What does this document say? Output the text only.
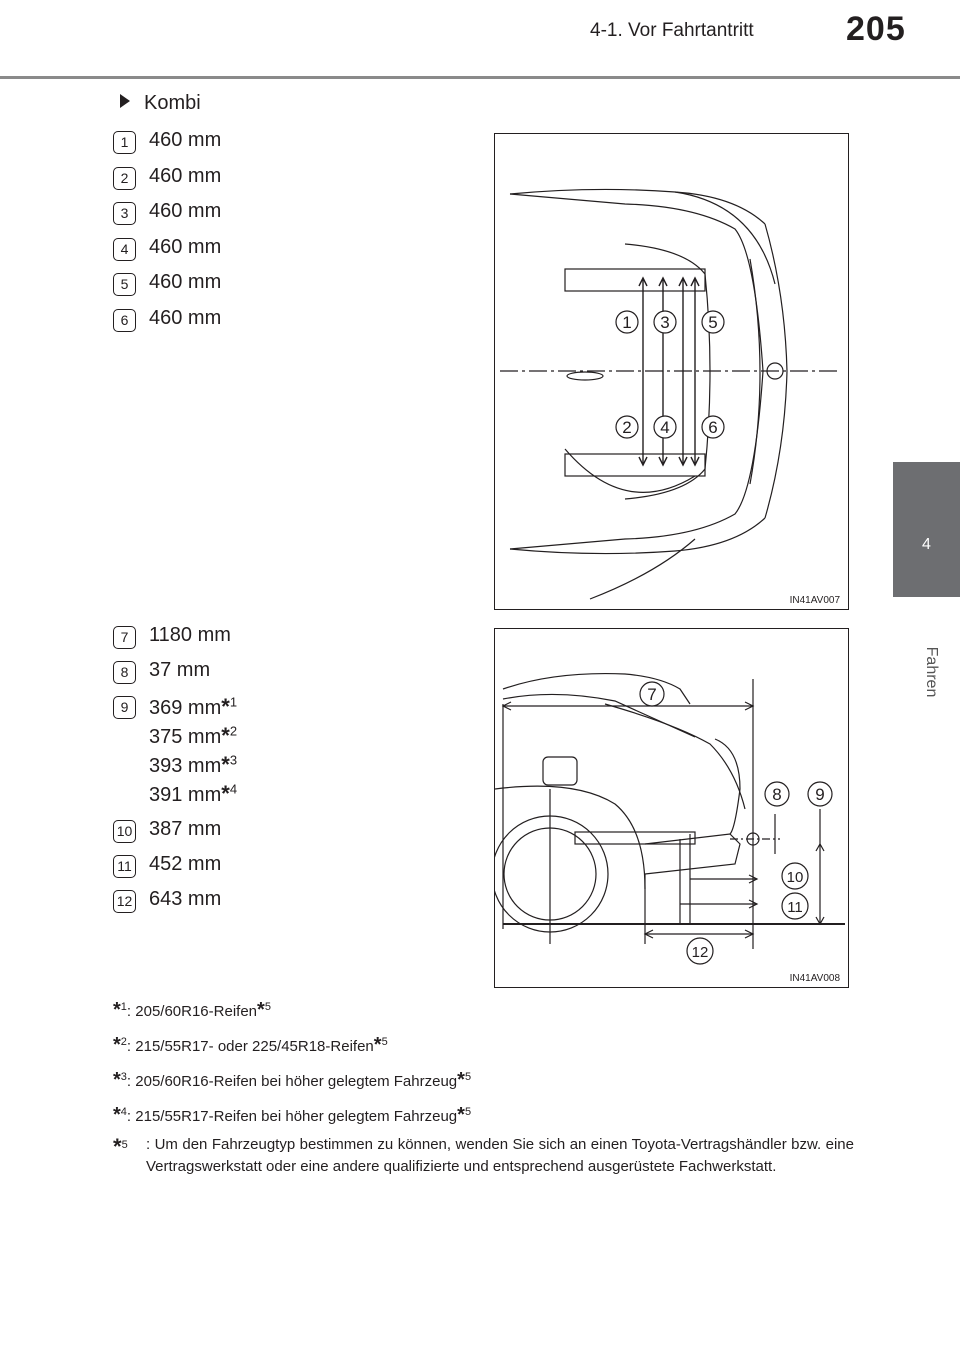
4-1. Vor Fahrtantritt	205
4
Fahren
Kombi
1	460 mm
2	460 mm
3	460 mm
4	460 mm
5	460 mm
6	460 mm	1 3 5
2 4 6
IN41AV007
7	1180 mm
8	37 mm
9	369 mm*$^1$
375 mm*$^2$
393 mm*$^3$
391 mm*$^4$
10 387 mm
11 452 mm
12 643 mm
7
8 9
10
11
12
IN41AV008
*$^1$: 205/60R16-Reifen*$^5$
*$^2$: 215/55R17- oder 225/45R18-Reifen*$^5$
*$^3$: 205/60R16-Reifen bei höher gelegtem Fahrzeug*$^5$
*$^4$: 215/55R17-Reifen bei höher gelegtem Fahrzeug*$^5$
*$^5$ : Um den Fahrzeugtyp bestimmen zu können, wenden Sie sich an einen Toyota-Vertragshändler bzw. eine Vertragswerkstatt oder eine andere qualifizierte und entsprechend ausgerüstete Fachwerkstatt.
